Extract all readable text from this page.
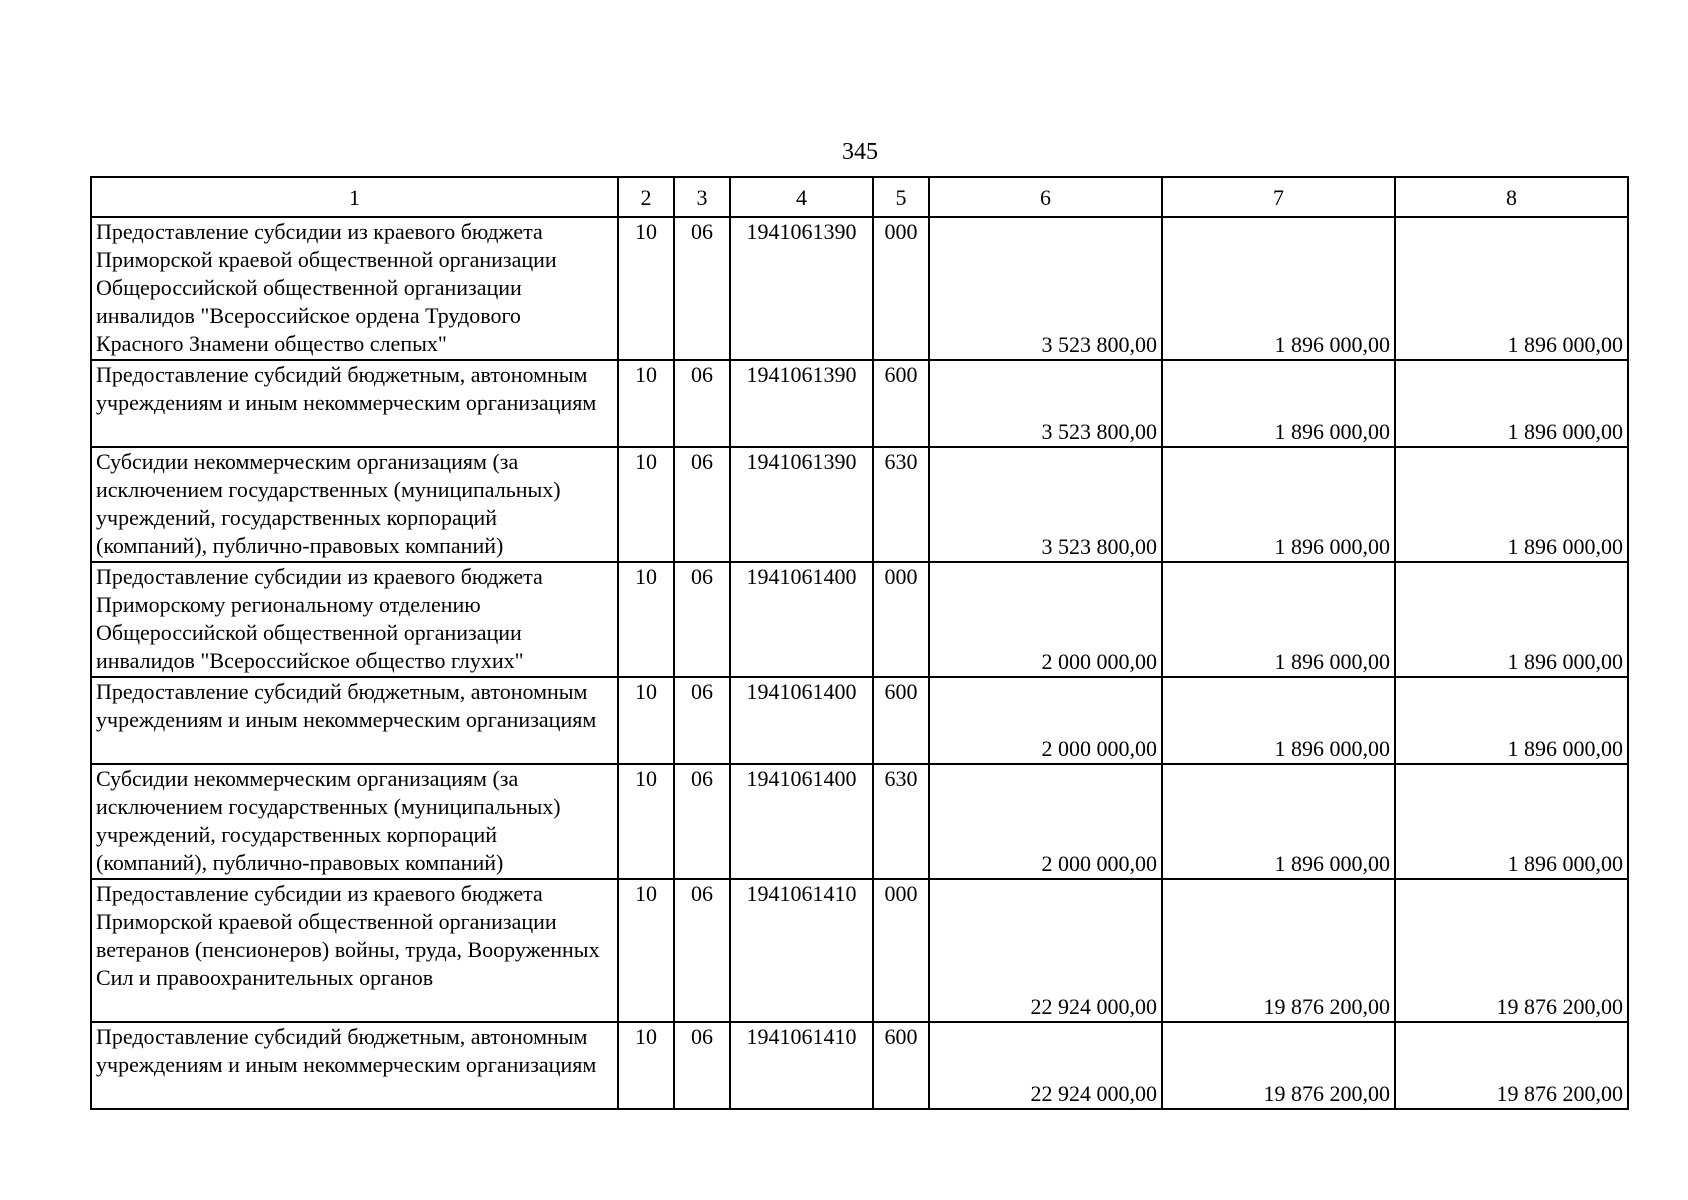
345
1	2	3	4	5	6	7	8
Предоставление субсидии из краевого бюджета Приморской краевой общественной организации Общероссийской общественной организации инвалидов "Всероссийское ордена Трудового Красного Знамени общество слепых"	10	06	1941061390	000	3 523 800,00	1 896 000,00	1 896 000,00
Предоставление субсидий бюджетным, автономным учреждениям и иным некоммерческим организациям	10	06	1941061390	600	3 523 800,00	1 896 000,00	1 896 000,00
Субсидии некоммерческим организациям (за исключением государственных (муниципальных) учреждений, государственных корпораций (компаний), публично-правовых компаний)	10	06	1941061390	630	3 523 800,00	1 896 000,00	1 896 000,00
Предоставление субсидии из краевого бюджета Приморскому региональному отделению Общероссийской общественной организации инвалидов "Всероссийское общество глухих"	10	06	1941061400	000	2 000 000,00	1 896 000,00	1 896 000,00
Предоставление субсидий бюджетным, автономным учреждениям и иным некоммерческим организациям	10	06	1941061400	600	2 000 000,00	1 896 000,00	1 896 000,00
Субсидии некоммерческим организациям (за исключением государственных (муниципальных) учреждений, государственных корпораций (компаний), публично-правовых компаний)	10	06	1941061400	630	2 000 000,00	1 896 000,00	1 896 000,00
Предоставление субсидии из краевого бюджета Приморской краевой общественной организации ветеранов (пенсионеров) войны, труда, Вооруженных Сил и правоохранительных органов	10	06	1941061410	000	22 924 000,00	19 876 200,00	19 876 200,00
Предоставление субсидий бюджетным, автономным учреждениям и иным некоммерческим организациям	10	06	1941061410	600	22 924 000,00	19 876 200,00	19 876 200,00
